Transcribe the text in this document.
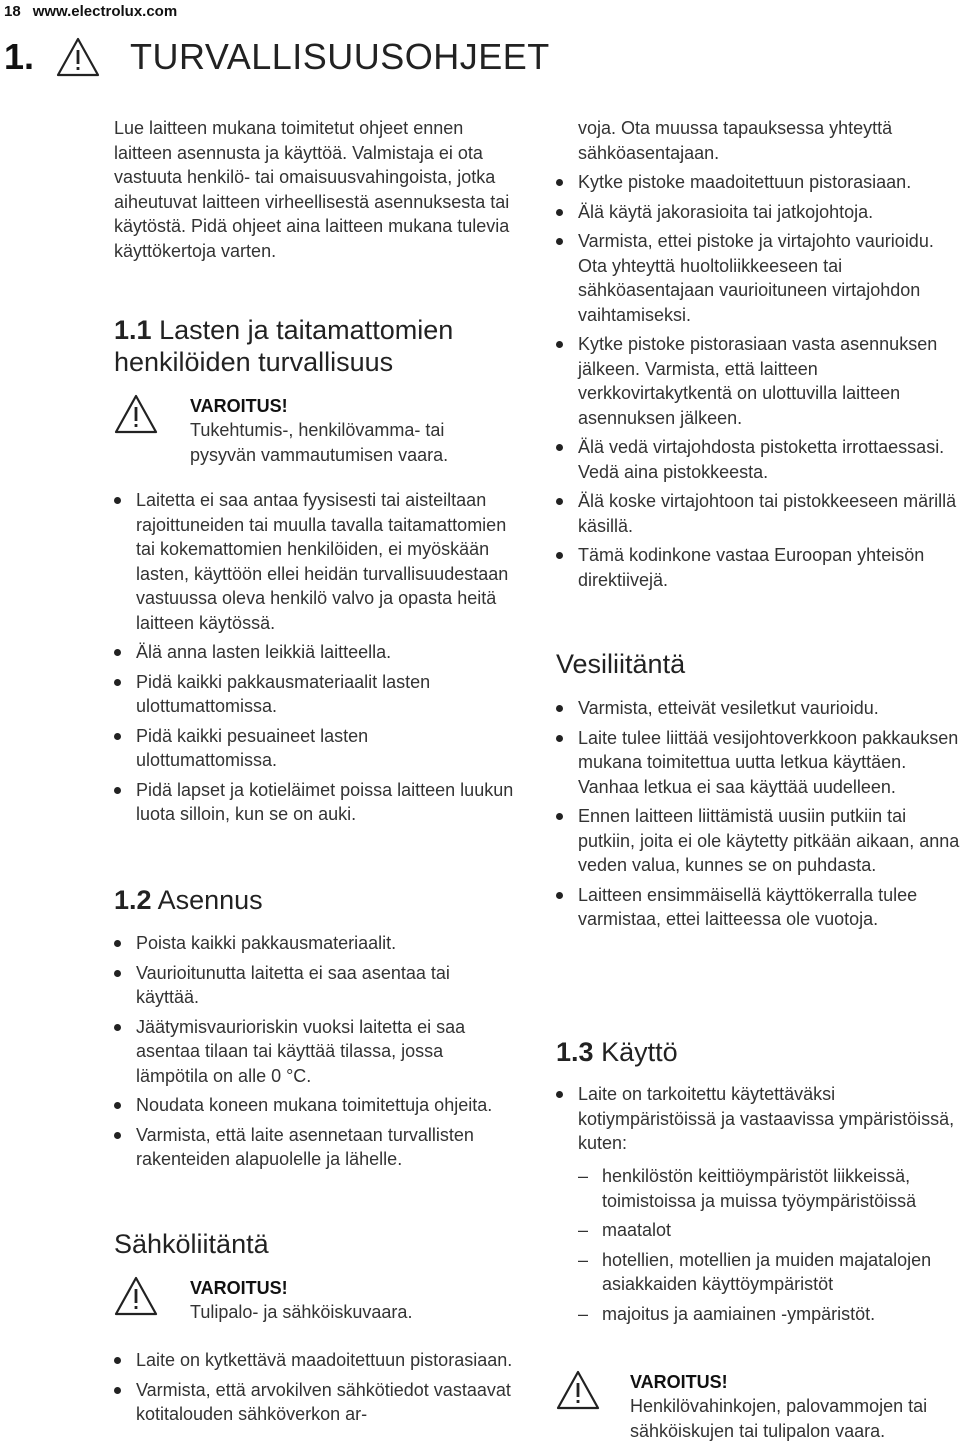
18 www.electrolux.com
1.	TURVALLISUUSOHJEET

Lue laitteen mukana toimitetut ohjeet ennen laitteen asennusta ja käyttöä. Valmistaja ei ota vastuuta henkilö- tai omaisuusvahingoista, jotka aiheutuvat laitteen virheellisestä asennuksesta tai käytöstä. Pidä ohjeet aina laitteen mukana tulevia käyttökertoja varten.

1.1 Lasten ja taitamattomien henkilöiden turvallisuus
VAROITUS!
Tukehtumis-, henkilövamma- tai pysyvän vammautumisen vaara.
Laitetta ei saa antaa fyysisesti tai aisteiltaan rajoittuneiden tai muulla tavalla taitamattomien tai kokemattomien henkilöiden, ei myöskään lasten, käyttöön ellei heidän turvallisuudestaan vastuussa oleva henkilö valvo ja opasta heitä laitteen käytössä.
Älä anna lasten leikkiä laitteella.
Pidä kaikki pakkausmateriaalit lasten ulottumattomissa.
Pidä kaikki pesuaineet lasten ulottumattomissa.
Pidä lapset ja kotieläimet poissa laitteen luukun luota silloin, kun se on auki.
1.2 Asennus
Poista kaikki pakkausmateriaalit.
Vaurioitunutta laitetta ei saa asentaa tai käyttää.
Jäätymisvaurioriskin vuoksi laitetta ei saa asentaa tilaan tai käyttää tilassa, jossa lämpötila on alle 0 °C.
Noudata koneen mukana toimitettuja ohjeita.
Varmista, että laite asennetaan turvallisten rakenteiden alapuolelle ja lähelle.
Sähköliitäntä
VAROITUS!
Tulipalo- ja sähköiskuvaara.
Laite on kytkettävä maadoitettuun pistorasiaan.
Varmista, että arvokilven sähkötiedot vastaavat kotitalouden sähköverkon ar-

voja. Ota muussa tapauksessa yhteyttä sähköasentajaan.

Kytke pistoke maadoitettuun pistorasiaan.
Älä käytä jakorasioita tai jatkojohtoja.
Varmista, ettei pistoke ja virtajohto vaurioidu. Ota yhteyttä huoltoliikkeeseen tai sähköasentajaan vaurioituneen virtajohdon vaihtamiseksi.
Kytke pistoke pistorasiaan vasta asennuksen jälkeen. Varmista, että laitteen verkkovirtakytkentä on ulottuvilla laitteen asennuksen jälkeen.
Älä vedä virtajohdosta pistoketta irrottaessasi. Vedä aina pistokkeesta.
Älä koske virtajohtoon tai pistokkeeseen märillä käsillä.
Tämä kodinkone vastaa Euroopan yhteisön direktiivejä.
Vesiliitäntä
Varmista, etteivät vesiletkut vaurioidu.
Laite tulee liittää vesijohtoverkkoon pakkauksen mukana toimitettua uutta letkua käyttäen. Vanhaa letkua ei saa käyttää uudelleen.
Ennen laitteen liittämistä uusiin putkiin tai putkiin, joita ei ole käytetty pitkään aikaan, anna veden valua, kunnes se on puhdasta.
Laitteen ensimmäisellä käyttökerralla tulee varmistaa, ettei laitteessa ole vuotoja.
1.3 Käyttö
Laite on tarkoitettu käytettäväksi kotiympäristöissä ja vastaavissa ympäristöissä, kuten:
– henkilöstön keittiöympäristöt liikkeissä, toimistoissa ja muissa työympäristöissä
– maatalot
– hotellien, motellien ja muiden majatalojen asiakkaiden käyttöympäristöt
– majoitus ja aamiainen -ympäristöt.
VAROITUS!
Henkilövahinkojen, palovammojen tai sähköiskujen tai tulipalon vaara.
